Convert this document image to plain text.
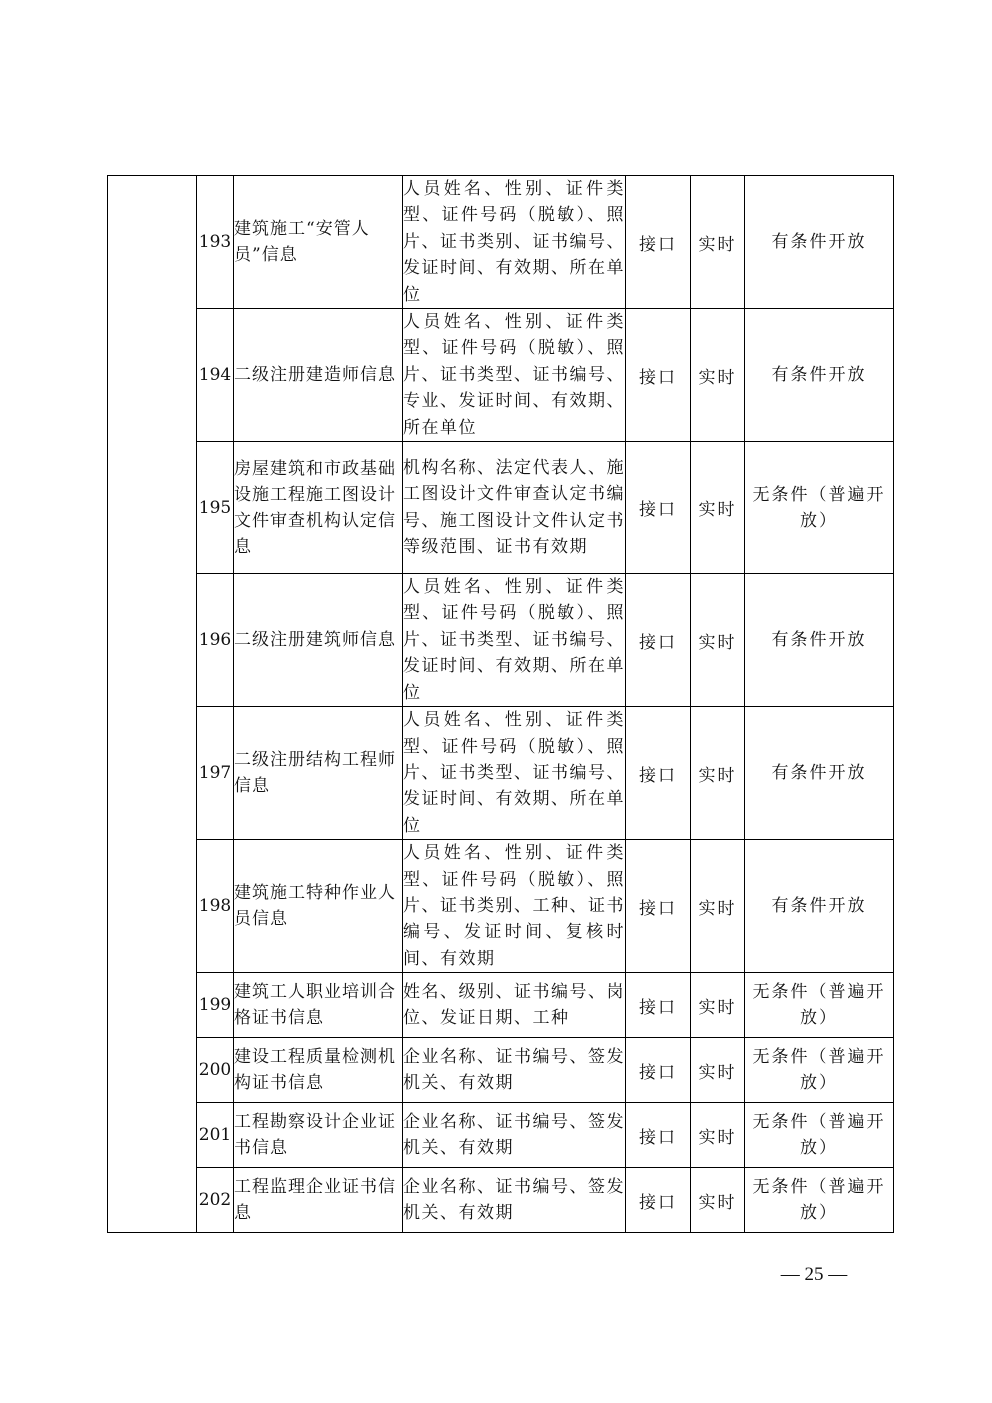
	193	建筑施工“安管人员”信息	人员姓名、性别、证件类型、证件号码（脱敏）、照片、证书类别、证书编号、发证时间、有效期、所在单位	接口	实时	有条件开放
	194	二级注册建造师信息	人员姓名、性别、证件类型、证件号码（脱敏）、照片、证书类型、证书编号、专业、发证时间、有效期、所在单位	接口	实时	有条件开放
	195	房屋建筑和市政基础设施工程施工图设计文件审查机构认定信息	机构名称、法定代表人、施工图设计文件审查认定书编号、施工图设计文件认定书等级范围、证书有效期	接口	实时	无条件（普遍开放）
	196	二级注册建筑师信息	人员姓名、性别、证件类型、证件号码（脱敏）、照片、证书类型、证书编号、发证时间、有效期、所在单位	接口	实时	有条件开放
	197	二级注册结构工程师信息	人员姓名、性别、证件类型、证件号码（脱敏）、照片、证书类型、证书编号、发证时间、有效期、所在单位	接口	实时	有条件开放
	198	建筑施工特种作业人员信息	人员姓名、性别、证件类型、证件号码（脱敏）、照片、证书类别、工种、证书编号、发证时间、复核时间、有效期	接口	实时	有条件开放
	199	建筑工人职业培训合格证书信息	姓名、级别、证书编号、岗位、发证日期、工种	接口	实时	无条件（普遍开放）
	200	建设工程质量检测机构证书信息	企业名称、证书编号、签发机关、有效期	接口	实时	无条件（普遍开放）
	201	工程勘察设计企业证书信息	企业名称、证书编号、签发机关、有效期	接口	实时	无条件（普遍开放）
	202	工程监理企业证书信息	企业名称、证书编号、签发机关、有效期	接口	实时	无条件（普遍开放）
— 25 —
